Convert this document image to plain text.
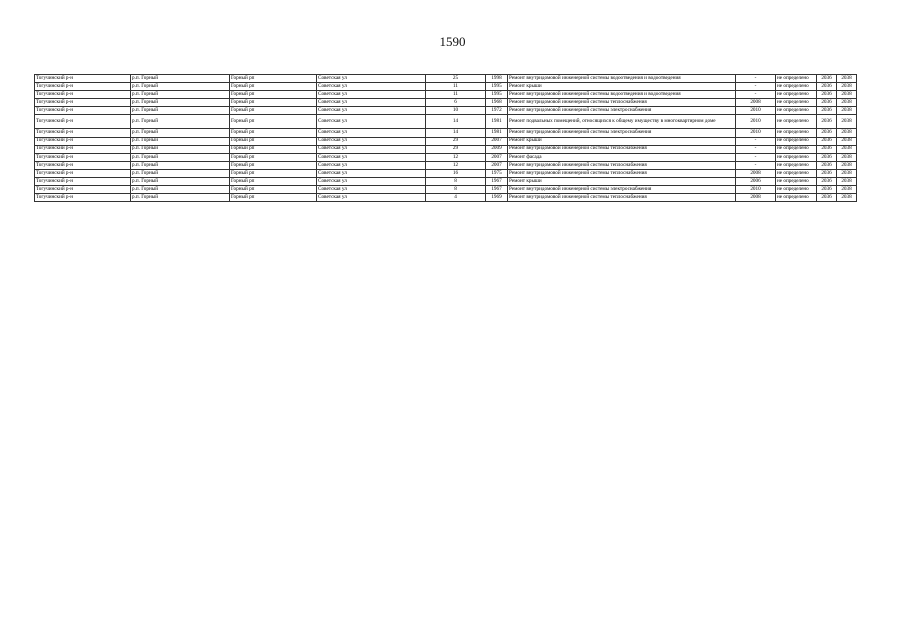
1590
Тогучинский р-н	р.п. Горный	Горный рп	Советская ул	25	1998	Ремонт внутридомовой инженерной системы водоотведения и водоотведения	-	не определено	2036	2038
Тогучинский р-н	р.п. Горный	Горный рп	Советская ул	11	1995	Ремонт крыши	-	не определено	2036	2038
Тогучинский р-н	р.п. Горный	Горный рп	Советская ул	11	1995	Ремонт внутридомовой инженерной системы водоотведения и водоотведения	-	не определено	2036	2038
Тогучинский р-н	р.п. Горный	Горный рп	Советская ул	6	1968	Ремонт внутридомовой инженерной системы теплоснабжения	2008	не определено	2036	2038
Тогучинский р-н	р.п. Горный	Горный рп	Советская ул	10	1972	Ремонт внутридомовой инженерной системы электроснабжения	2010	не определено	2036	2038
Тогучинский р-н	р.п. Горный	Горный рп	Советская ул	14	1981	Ремонт подвальных помещений, относящихся к общему имуществу в многоквартирном доме	2010	не определено	2036	2038
Тогучинский р-н	р.п. Горный	Горный рп	Советская ул	14	1981	Ремонт внутридомовой инженерной системы электроснабжения	2010	не определено	2036	2038
Тогучинский р-н	р.п. Горный	Горный рп	Советская ул	29	2007	Ремонт крыши	-	не определено	2036	2038
Тогучинский р-н	р.п. Горный	Горный рп	Советская ул	29	2009	Ремонт внутридомовой инженерной системы теплоснабжения	-	не определено	2036	2038
Тогучинский р-н	р.п. Горный	Горный рп	Советская ул	12	2007	Ремонт фасада	-	не определено	2036	2038
Тогучинский р-н	р.п. Горный	Горный рп	Советская ул	12	2007	Ремонт внутридомовой инженерной системы теплоснабжения	-	не определено	2036	2038
Тогучинский р-н	р.п. Горный	Горный рп	Советская ул	16	1975	Ремонт внутридомовой инженерной системы теплоснабжения	2008	не определено	2036	2038
Тогучинский р-н	р.п. Горный	Горный рп	Советская ул	8	1967	Ремонт крыши	2006	не определено	2036	2038
Тогучинский р-н	р.п. Горный	Горный рп	Советская ул	8	1967	Ремонт внутридомовой инженерной системы электроснабжения	2010	не определено	2036	2038
Тогучинский р-н	р.п. Горный	Горный рп	Советская ул	4	1969	Ремонт внутридомовой инженерной системы теплоснабжения	2008	не определено	2036	2038
